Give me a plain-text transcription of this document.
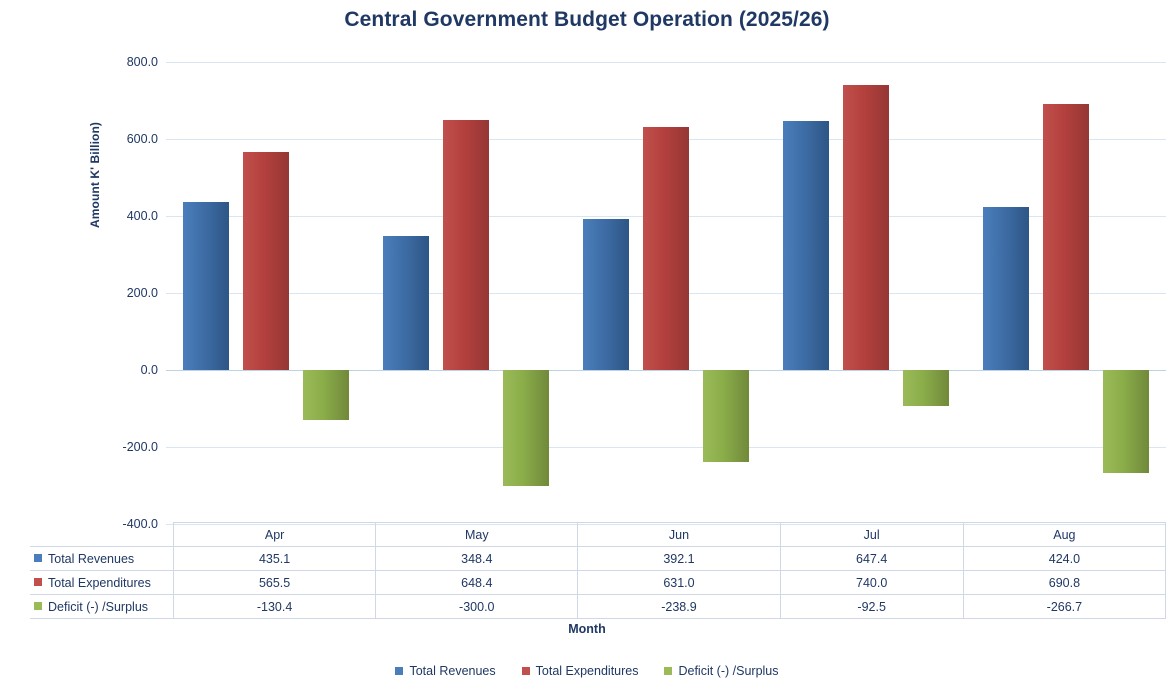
Central Government Budget Operation (2025/26)
Amount K' Billion)
800.0
600.0
400.0
200.0
0.0
-200.0
-400.0
	Apr	May	Jun	Jul	Aug
Total Revenues	435.1	348.4	392.1	647.4	424.0
Total Expenditures	565.5	648.4	631.0	740.0	690.8
Deficit (-) /Surplus	-130.4	-300.0	-238.9	-92.5	-266.7
Month
Total Revenues	Total Expenditures	Deficit (-) /Surplus
